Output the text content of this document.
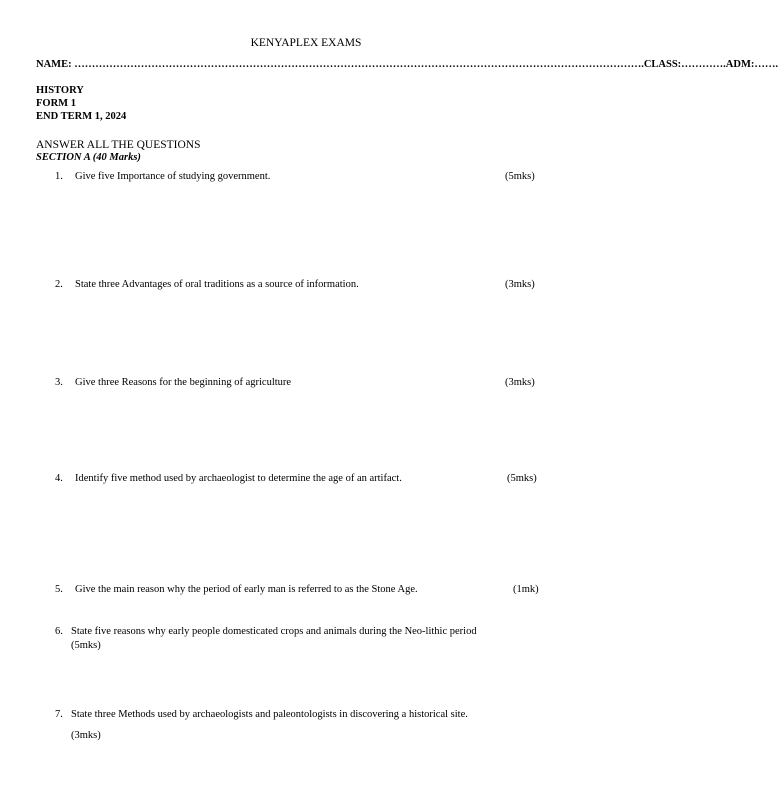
KENYAPLEX EXAMS
NAME: ……………………………………………………………………………………………………………………………………………….CLASS:………….ADM:…….
HISTORY
FORM 1
END TERM 1, 2024
ANSWER ALL THE QUESTIONS
SECTION A (40 Marks)
1. Give five Importance of studying government.	(5mks)
2. State three Advantages of oral traditions as a source of information.	(3mks)
3. Give three Reasons for the beginning of agriculture	(3mks)
4. Identify five method used by archaeologist to determine the age of an artifact.	(5mks)
5. Give the main reason why the period of early man is referred to as the Stone Age.	(1mk)
6. State five reasons why early people domesticated crops and animals during the Neo-lithic period
(5mks)
7. State three Methods used by archaeologists and paleontologists in discovering a historical site.
(3mks)
